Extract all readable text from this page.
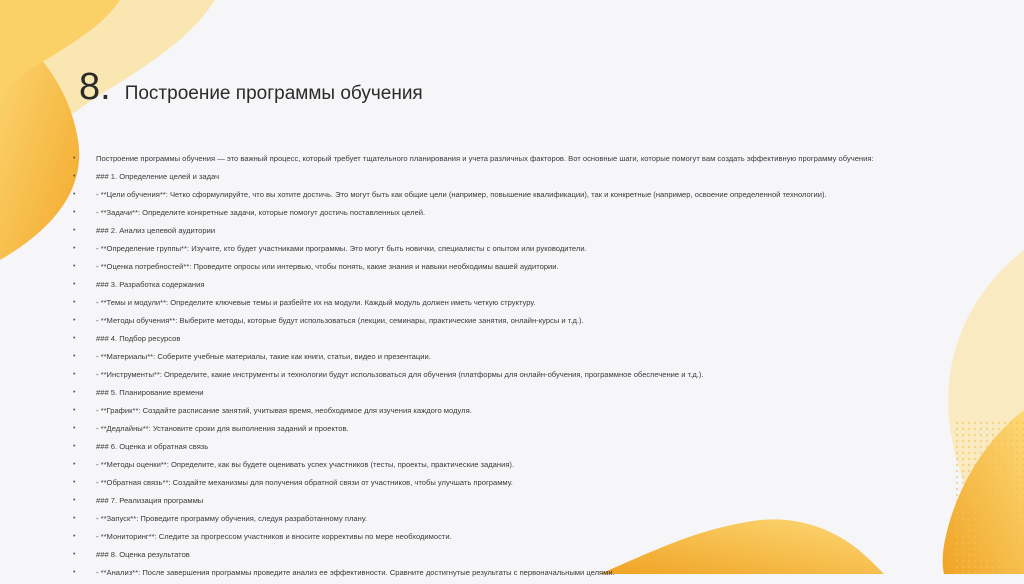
8. Построение программы обучения
•	Построение программы обучения — это важный процесс, который требует тщательного планирования и учета различных факторов. Вот основные шаги, которые помогут вам создать эффективную программу обучения:
•	### 1. Определение целей и задач
•	- **Цели обучения**: Четко сформулируйте, что вы хотите достичь. Это могут быть как общие цели (например, повышение квалификации), так и конкретные (например, освоение определенной технологии).
•	- **Задачи**: Определите конкретные задачи, которые помогут достичь поставленных целей.
•	### 2. Анализ целевой аудитории
•	- **Определение группы**: Изучите, кто будет участниками программы. Это могут быть новички, специалисты с опытом или руководители.
•	- **Оценка потребностей**: Проведите опросы или интервью, чтобы понять, какие знания и навыки необходимы вашей аудитории.
•	### 3. Разработка содержания
•	- **Темы и модули**: Определите ключевые темы и разбейте их на модули. Каждый модуль должен иметь четкую структуру.
•	- **Методы обучения**: Выберите методы, которые будут использоваться (лекции, семинары, практические занятия, онлайн-курсы и т.д.).
•	### 4. Подбор ресурсов
•	- **Материалы**: Соберите учебные материалы, такие как книги, статьи, видео и презентации.
•	- **Инструменты**: Определите, какие инструменты и технологии будут использоваться для обучения (платформы для онлайн-обучения, программное обеспечение и т.д.).
•	### 5. Планирование времени
•	- **График**: Создайте расписание занятий, учитывая время, необходимое для изучения каждого модуля.
•	- **Дедлайны**: Установите сроки для выполнения заданий и проектов.
•	### 6. Оценка и обратная связь
•	- **Методы оценки**: Определите, как вы будете оценивать успех участников (тесты, проекты, практические задания).
•	- **Обратная связь**: Создайте механизмы для получения обратной связи от участников, чтобы улучшать программу.
•	### 7. Реализация программы
•	- **Запуск**: Проведите программу обучения, следуя разработанному плану.
•	- **Мониторинг**: Следите за прогрессом участников и вносите коррективы по мере необходимости.
•	### 8. Оценка результатов
•	- **Анализ**: После завершения программы проведите анализ ее эффективности. Сравните достигнутые результаты с первоначальными целями.
